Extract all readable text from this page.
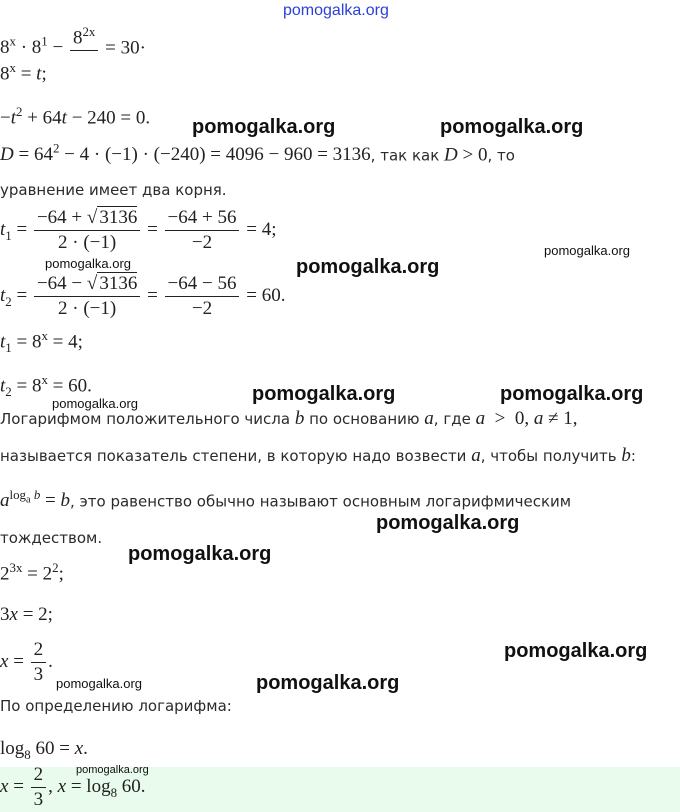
pomogalka.org
$8^x \cdot 8^1 - 8^{2x}$

= 30·
$8^x = t$;
$-t^2 + 64t - 240 = 0$.
$D = 64^2 - 4 \cdot (-1) \cdot (-240) = 4096 - 960 = 3136$, так как D > 0, то
уравнение имеет два корня.
$t_1 = \frac{-64 + √ 3136}{2 \cdot (-1)} = \frac{-64 + 56}{-2} = 4$;
$t_2 = \frac{-64 - √ 3136}{2 \cdot (-1)} = \frac{-64 - 56}{-2} = 60$.
$t_1 = 8^x = 4$;
$t_2 = 8^x = 60$.
Логарифмом положительного числа b по основанию a, где a  >  0, a ≠ 1,
называется показатель степени, в которую надо возвести a, чтобы получить b:
$a^{log_a b} = b$, это равенство обычно называют основным логарифмическим
тождеством.
$2^{3x} = 2^2$;
3x = 2;
$x = \frac{2}{3}$ .
По определению логарифма:
$\log_8 60 = x$.
$x = \frac{2}{3}$ , $x = \log_8 60$.
pomogalka.org	pomogalka.org
pomogalka.org
pomogalka.org	pomogalka.org
pomogalka.org	pomogalka.org
pomogalka.org
pomogalka.org
pomogalka.org
pomogalka.org
pomogalka.org	pomogalka.org
pomogalka.org
